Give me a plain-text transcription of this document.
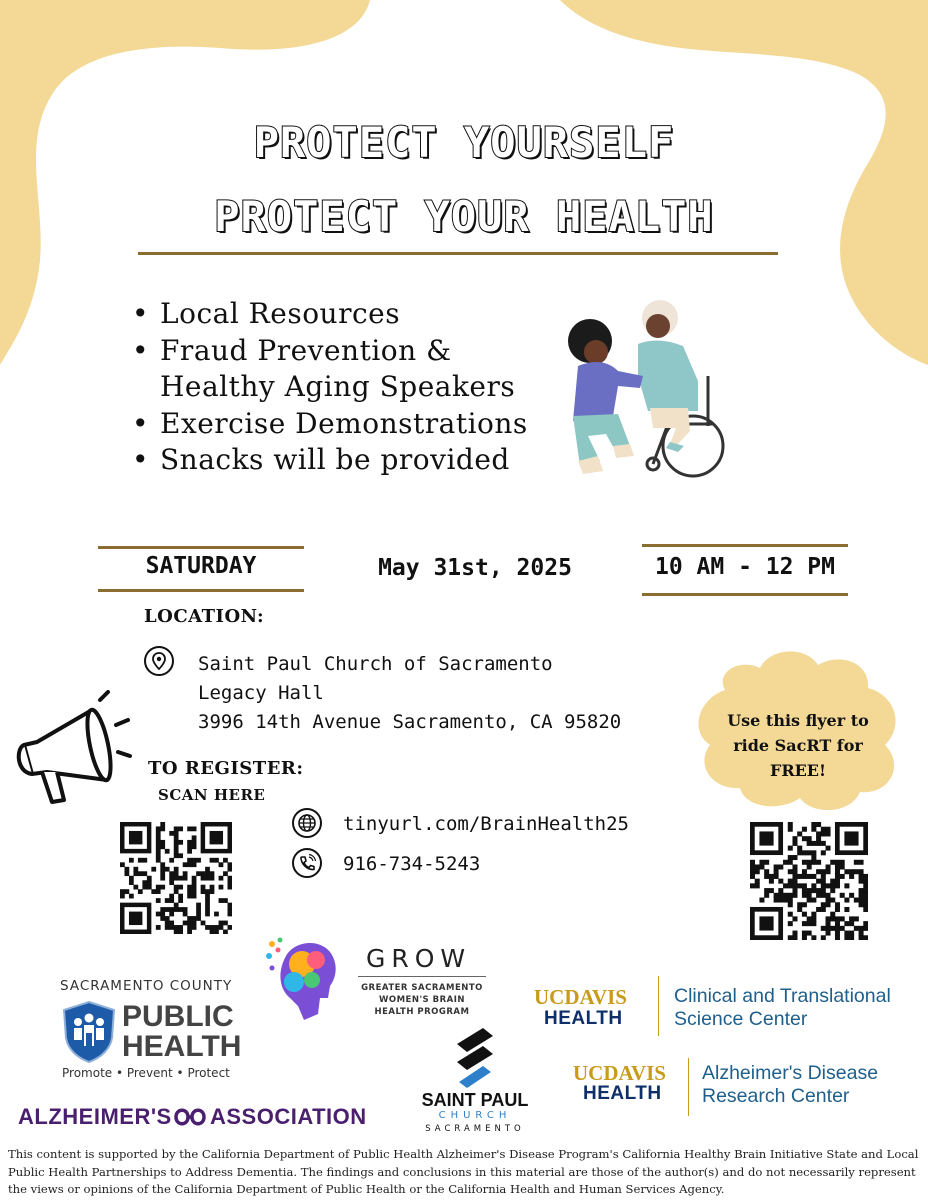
PROTECT YOURSELF
PROTECT YOUR HEALTH
• Local Resources
• Fraud Prevention &
Healthy Aging Speakers
• Exercise Demonstrations
• Snacks will be provided
SATURDAY	May 31st, 2025	10 AM - 12 PM
LOCATION:
Saint Paul Church of Sacramento
Legacy Hall
3996 14th Avenue Sacramento, CA 95820
TO REGISTER:
SCAN HERE
tinyurl.com/BrainHealth25
916-734-5243
Use this flyer to
ride SacRT for
FREE!
GROW
GREATER SACRAMENTO
WOMEN'S BRAIN
HEALTH PROGRAM
SACRAMENTO COUNTY
PUBLIC
HEALTH
Promote • Prevent • Protect
UCDAVIS
HEALTH
Clinical and Translational
Science Center
UCDAVIS
HEALTH
Alzheimer's Disease
Research Center
SAINT PAUL
CHURCH
SACRAMENTO
ALZHEIMER'S ASSOCIATION
This content is supported by the California Department of Public Health Alzheimer's Disease Program's California Healthy Brain Initiative State and Local Public Health Partnerships to Address Dementia. The findings and conclusions in this material are those of the author(s) and do not necessarily represent the views or opinions of the California Department of Public Health or the California Health and Human Services Agency.
